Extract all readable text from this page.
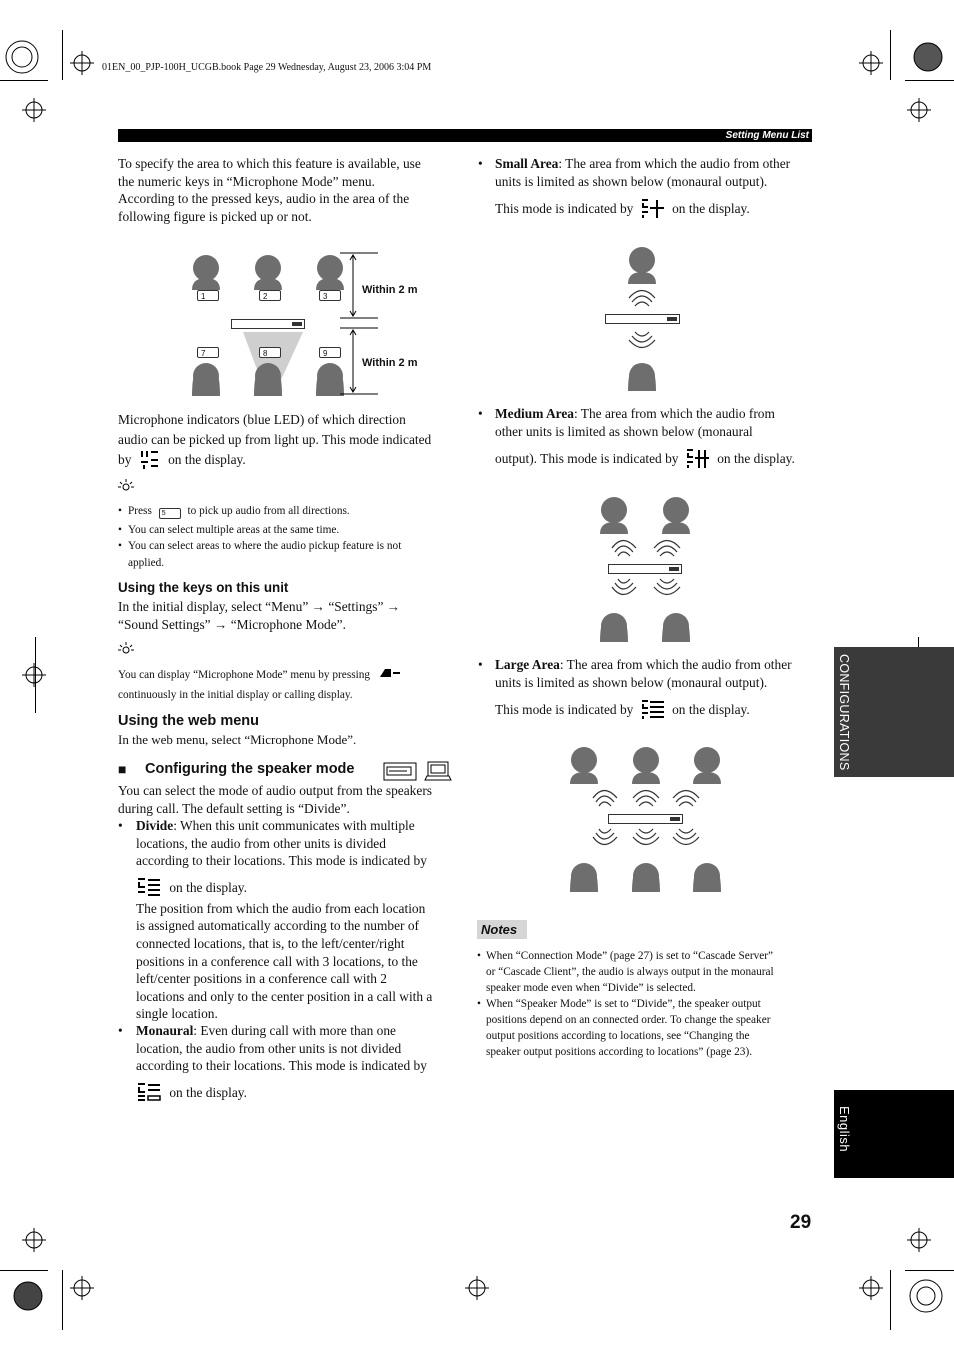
01EN_00_PJP-100H_UCGB.book Page 29 Wednesday, August 23, 2006 3:04 PM
Setting Menu List
To specify the area to which this feature is available, use
the numeric keys in “Microphone Mode” menu.
According to the pressed keys, audio in the area of the
following figure is picked up or not.
1	2	3
7	8	9
Within 2 m
Within 2 m
Microphone indicators (blue LED) of which direction
audio can be picked up from light up. This mode indicated
by	on the display.
• Press 5 to pick up audio from all directions.
• You can select multiple areas at the same time.
• You can select areas to where the audio pickup feature is not
applied.
Using the keys on this unit
In the initial display, select “Menu” → “Settings” →
“Sound Settings” → “Microphone Mode”.
You can display “Microphone Mode” menu by pressing
continuously in the initial display or calling display.
Using the web menu
In the web menu, select “Microphone Mode”.
■ Configuring the speaker mode
You can select the mode of audio output from the speakers
during call. The default setting is “Divide”.
• Divide: When this unit communicates with multiple
locations, the audio from other units is divided
according to their locations. This mode is indicated by
on the display.
The position from which the audio from each location
is assigned automatically according to the number of
connected locations, that is, to the left/center/right
positions in a conference call with 3 locations, to the
left/center positions in a conference call with 2
locations and only to the center position in a call with a
single location.
• Monaural: Even during call with more than one
location, the audio from other units is not divided
according to their locations. This mode is indicated by
on the display.
• Small Area: The area from which the audio from other
units is limited as shown below (monaural output).
This mode is indicated by	on the display.
• Medium Area: The area from which the audio from
other units is limited as shown below (monaural
output). This mode is indicated by	on the display.
• Large Area: The area from which the audio from other
units is limited as shown below (monaural output).
This mode is indicated by	on the display.
Notes
• When “Connection Mode” (page 27) is set to “Cascade Server”
or “Cascade Client”, the audio is always output in the monaural
speaker mode even when “Divide” is selected.
• When “Speaker Mode” is set to “Divide”, the speaker output
positions depend on an connected order. To change the speaker
output positions according to locations, see “Changing the
speaker output positions according to locations” (page 23).
CONFIGURATIONS
English
29
